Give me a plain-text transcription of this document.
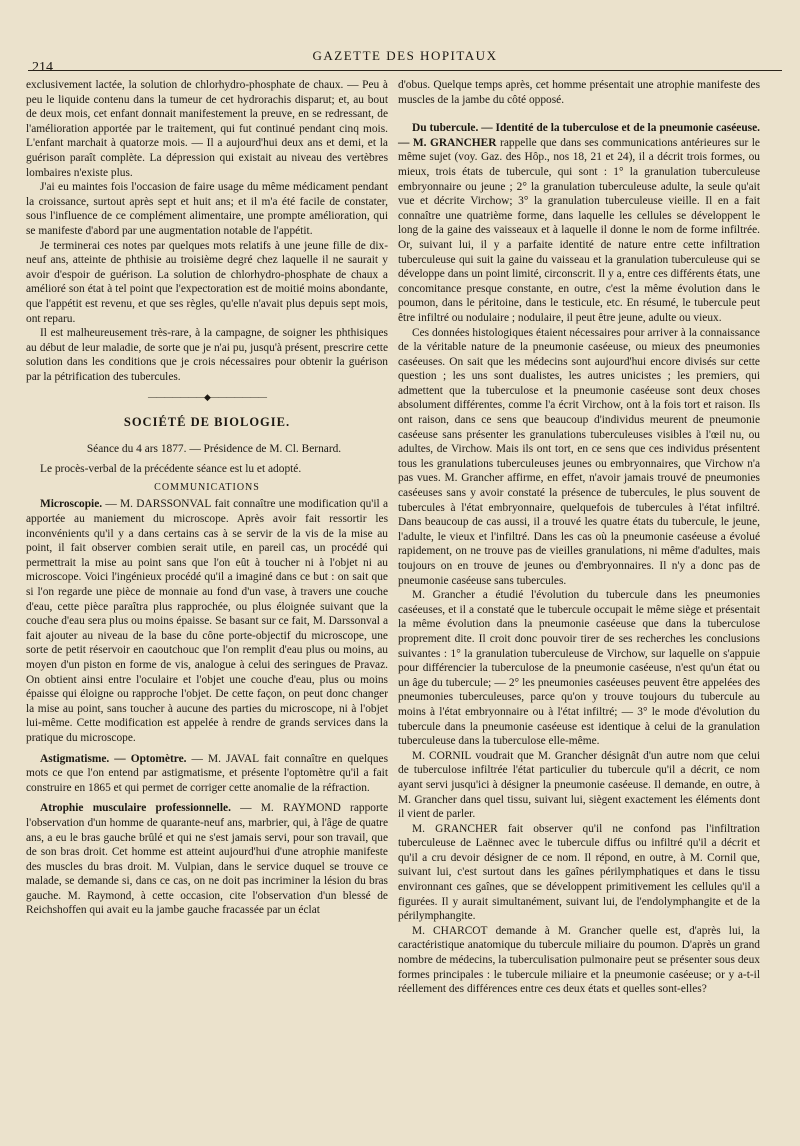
214
GAZETTE DES HOPITAUX

exclusivement lactée, la solution de chlorhydro-phosphate de chaux. — Peu à peu le liquide contenu dans la tumeur de cet hydrorachis disparut; et, au bout de deux mois, cet enfant donnait manifestement la preuve, en se redressant, de l'amélioration apportée par le traitement, qui fut continué pendant cinq mois. L'enfant marchait à quatorze mois. — Il a aujourd'hui deux ans et demi, et la guérison paraît complète. La dépression qui existait au niveau des vertèbres lombaires n'existe plus.

J'ai eu maintes fois l'occasion de faire usage du même médicament pendant la croissance, surtout après sept et huit ans; et il m'a été facile de constater, sous l'influence de ce complément alimentaire, une prompte amélioration, qui se manifeste d'abord par une augmentation notable de l'appétit.

Je terminerai ces notes par quelques mots relatifs à une jeune fille de dix-neuf ans, atteinte de phthisie au troisième degré chez laquelle il ne saurait y avoir d'espoir de guérison. La solution de chlorhydro-phosphate de chaux a amélioré son état à tel point que l'expectoration est de moitié moins abondante, que l'appétit est revenu, et que ses règles, qu'elle n'avait plus depuis sept mois, ont reparu.

Il est malheureusement très-rare, à la campagne, de soigner les phthisiques au début de leur maladie, de sorte que je n'ai pu, jusqu'à présent, prescrire cette solution dans les conditions que je crois nécessaires pour obtenir la guérison par la pétrification des tubercules.

———————◆———————
SOCIÉTÉ DE BIOLOGIE.

Séance du 4 ars 1877. — Présidence de M. Cl. Bernard.

Le procès-verbal de la précédente séance est lu et adopté.

COMMUNICATIONS

Microscopie. — M. DARSSONVAL fait connaître une modification qu'il a apportée au maniement du microscope. Après avoir fait ressortir les inconvénients qu'il y a dans certains cas à se servir de la vis de la mise au point, il fait observer combien serait utile, en pareil cas, un procédé qui permettrait la mise au point sans que l'on eût à toucher ni à l'objet ni au microscope. Voici l'ingénieux procédé qu'il a imaginé dans ce but : on sait que si l'on regarde une pièce de monnaie au fond d'un vase, à travers une couche d'eau, cette pièce paraîtra plus rapprochée, ou plus éloignée suivant que la couche d'eau sera plus ou moins épaisse. Se basant sur ce fait, M. Darssonval a fait ajouter au niveau de la base du cône porte-objectif du microscope, une sorte de petit réservoir en caoutchouc que l'on remplit d'eau plus ou moins, au moyen d'un piston en forme de vis, analogue à celui des seringues de Pravaz. On obtient ainsi entre l'oculaire et l'objet une couche d'eau, plus ou moins épaisse qui éloigne ou rapproche l'objet. De cette façon, on peut donc changer la mise au point, sans toucher à aucune des parties du microscope, ni à l'objet lui-même. Cette modification est appelée à rendre de grands services dans la pratique du microscope.

Astigmatisme. — Optomètre. — M. JAVAL fait connaître en quelques mots ce que l'on entend par astigmatisme, et présente l'optomètre qu'il a fait construire en 1865 et qui permet de corriger cette anomalie de la réfraction.

Atrophie musculaire professionnelle. — M. RAYMOND rapporte l'observation d'un homme de quarante-neuf ans, marbrier, qui, à l'âge de quatre ans, a eu le bras gauche brûlé et qui ne s'est jamais servi, pour son travail, que de son bras droit. Cet homme est atteint aujourd'hui d'une atrophie manifeste des muscles du bras droit. M. Vulpian, dans le service duquel se trouve ce malade, se demande si, dans ce cas, on ne doit pas incriminer la lésion du bras gauche. M. Raymond, à cette occasion, cite l'observation d'un blessé de Reichshoffen qui avait eu la jambe gauche fracassée par un éclat

d'obus. Quelque temps après, cet homme présentait une atrophie manifeste des muscles de la jambe du côté opposé.

Du tubercule. — Identité de la tuberculose et de la pneumonie caséeuse. — M. GRANCHER rappelle que dans ses communications antérieures sur le même sujet (voy. Gaz. des Hôp., nos 18, 21 et 24), il a décrit trois formes, ou mieux, trois états de tubercule, qui sont : 1° la granulation tuberculeuse embryonnaire ou jeune ; 2° la granulation tuberculeuse adulte, la seule qu'ait vue et décrite Virchow; 3° la granulation tuberculeuse vieille. Il en a fait connaître une quatrième forme, dans laquelle les cellules se développent le long de la gaine des vaisseaux et à laquelle il donne le nom de forme infiltrée. Or, suivant lui, il y a parfaite identité de nature entre cette infiltration tuberculeuse qui suit la gaine du vaisseau et la granulation tuberculeuse qui se développe dans un point limité, circonscrit. Il y a, entre ces différents états, une concomitance presque constante, en outre, c'est la même évolution dans le poumon, dans le péritoine, dans le testicule, etc. En résumé, le tubercule peut être infiltré ou nodulaire ; nodulaire, il peut être jeune, adulte ou vieux.

Ces données histologiques étaient nécessaires pour arriver à la connaissance de la véritable nature de la pneumonie caséeuse, ou mieux des pneumonies caséeuses. On sait que les médecins sont aujourd'hui encore divisés sur cette question ; les uns sont dualistes, les autres unicistes ; les premiers, qui admettent que la tuberculose et la pneumonie caséeuse sont deux choses absolument différentes, comme l'a écrit Virchow, ont à la fois tort et raison. Ils ont raison, dans ce sens que beaucoup d'individus meurent de pneumonie caséeuse sans présenter les granulations tuberculeuses visibles à l'œil nu, ou adultes, de Virchow. Mais ils ont tort, en ce sens que ces individus présentent tous les granulations tuberculeuses jeunes ou embryonnaires, que Virchow n'a pas vues. M. Grancher affirme, en effet, n'avoir jamais trouvé de pneumonies caséeuses sans y avoir constaté la présence de tubercules, le plus souvent de tubercules à l'état embryonnaire, quelquefois de tubercules à l'état infiltré. Dans beaucoup de cas aussi, il a trouvé les quatre états du tubercule, le jeune, l'adulte, le vieux et l'infiltré. Dans les cas où la pneumonie caséeuse a évolué rapidement, on ne trouve pas de vieilles granulations, ni même d'adultes, mais toujours on en trouve de jeunes ou d'embryonnaires. Il n'y a donc pas de pneumonie caséeuse sans tubercules.

M. Grancher a étudié l'évolution du tubercule dans les pneumonies caséeuses, et il a constaté que le tubercule occupait le même siège et présentait la même évolution dans la pneumonie caséeuse que dans la tuberculose proprement dite. Il croit donc pouvoir tirer de ses recherches les conclusions suivantes : 1° la granulation tuberculeuse de Virchow, sur laquelle on s'appuie pour différencier la tuberculose de la pneumonie caséeuse, n'est qu'un état ou un âge du tubercule; — 2° les pneumonies caséeuses peuvent être appelées des pneumonies tuberculeuses, parce qu'on y trouve toujours du tubercule au moins à l'état embryonnaire ou à l'état infiltré; — 3° le mode d'évolution du tubercule dans la pneumonie caséeuse est identique à celui de la granulation tuberculeuse dans la tuberculose elle-même.

M. CORNIL voudrait que M. Grancher désignât d'un autre nom que celui de tuberculose infiltrée l'état particulier du tubercule qu'il a décrit, ce nom ayant servi jusqu'ici à désigner la pneumonie caséeuse. Il demande, en outre, à M. Grancher dans quel tissu, suivant lui, siègent exactement les éléments dont il vient de parler.

M. GRANCHER fait observer qu'il ne confond pas l'infiltration tuberculeuse de Laënnec avec le tubercule diffus ou infiltré qu'il a décrit et qu'il a cru devoir désigner de ce nom. Il répond, en outre, à M. Cornil que, suivant lui, c'est surtout dans les gaînes périlymphatiques et dans le tissu environnant ces gaînes, que se développent primitivement les cellules qu'il a figurées. Il y aurait simultanément, suivant lui, de l'endolymphangite et de la périlymphangite.

M. CHARCOT demande à M. Grancher quelle est, d'après lui, la caractéristique anatomique du tubercule miliaire du poumon. D'après un grand nombre de médecins, la tuberculisation pulmonaire peut se présenter sous deux formes principales : le tubercule miliaire et la pneumonie caséeuse; or y a-t-il réellement des différences entre ces deux états et quelles sont-elles?
